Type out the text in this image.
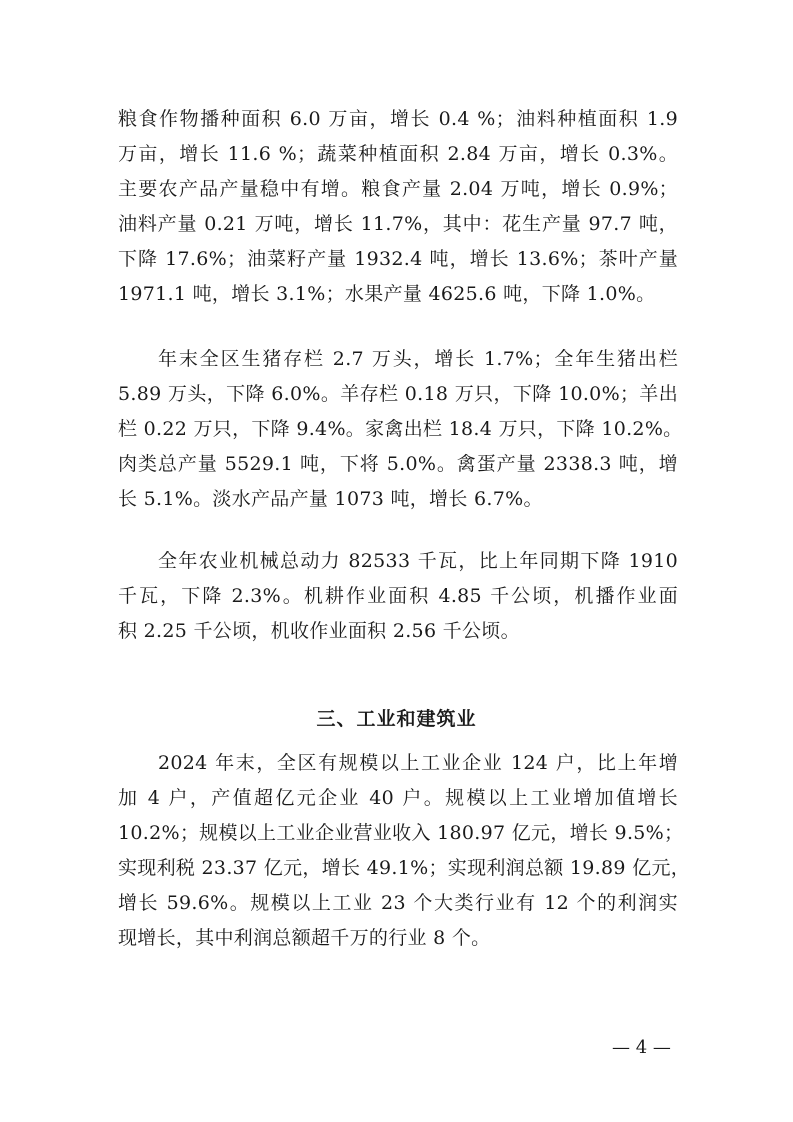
粮食作物播种面积 6.0 万亩，增长 0.4 %；油料种植面积 1.9
万亩，增长 11.6 %；蔬菜种植面积 2.84 万亩，增长 0.3%。
主要农产品产量稳中有增。粮食产量 2.04 万吨，增长 0.9%；
油料产量 0.21 万吨，增长 11.7%，其中：花生产量 97.7 吨，
下降 17.6%；油菜籽产量 1932.4 吨，增长 13.6%；茶叶产量
1971.1 吨，增长 3.1%；水果产量 4625.6 吨，下降 1.0%。
年末全区生猪存栏 2.7 万头，增长 1.7%；全年生猪出栏
5.89 万头，下降 6.0%。羊存栏 0.18 万只，下降 10.0%；羊出
栏 0.22 万只，下降 9.4%。家禽出栏 18.4 万只，下降 10.2%。
肉类总产量 5529.1 吨，下将 5.0%。禽蛋产量 2338.3 吨，增
长 5.1%。淡水产品产量 1073 吨，增长 6.7%。
全年农业机械总动力 82533 千瓦，比上年同期下降 1910
千瓦，下降 2.3%。机耕作业面积 4.85 千公顷，机播作业面
积 2.25 千公顷，机收作业面积 2.56 千公顷。
三、工业和建筑业
2024 年末，全区有规模以上工业企业 124 户，比上年增
加 4 户，产值超亿元企业 40 户。规模以上工业增加值增长
10.2%；规模以上工业企业营业收入 180.97 亿元，增长 9.5%；
实现利税 23.37 亿元，增长 49.1%；实现利润总额 19.89 亿元，
增长 59.6%。规模以上工业 23 个大类行业有 12 个的利润实
现增长，其中利润总额超千万的行业 8 个。
— 4 —
